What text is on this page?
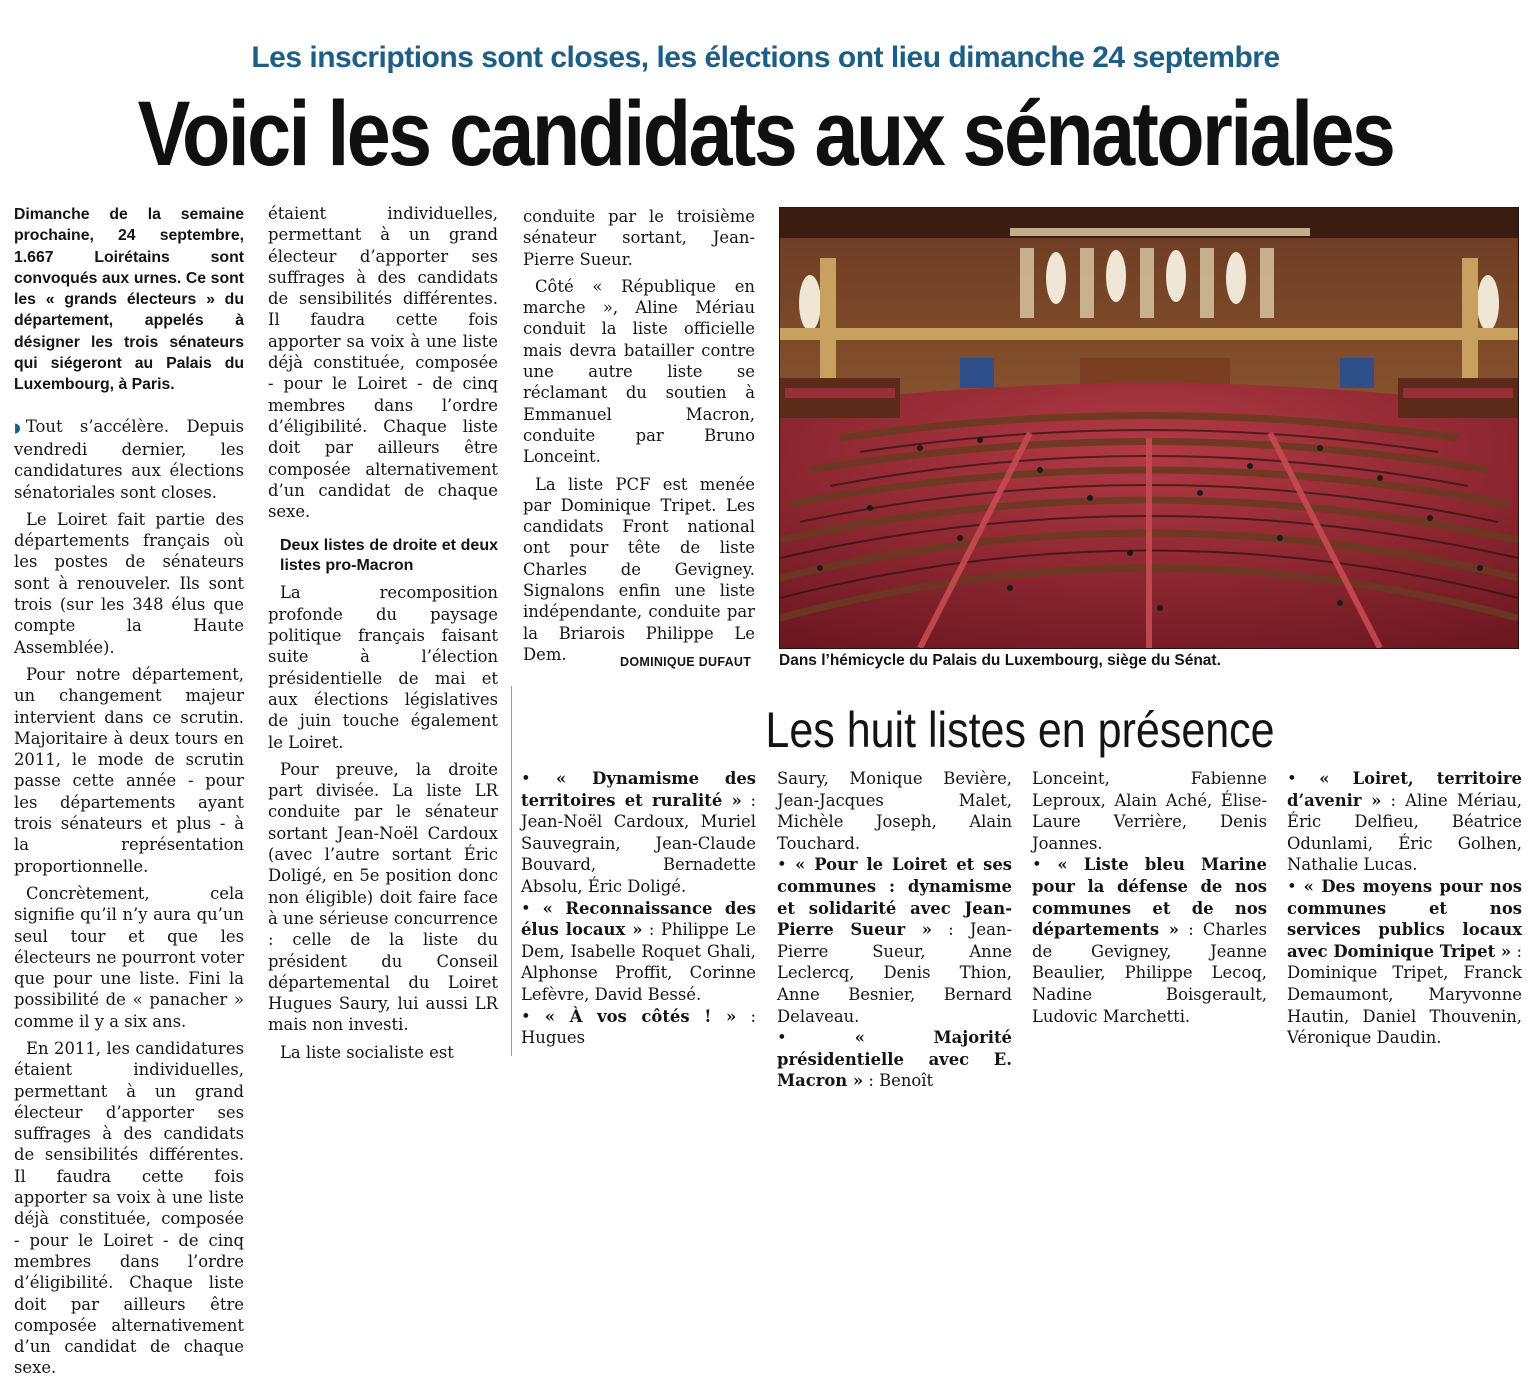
Les inscriptions sont closes, les élections ont lieu dimanche 24 septembre
Voici les candidats aux sénatoriales
Dimanche de la semaine prochaine, 24 septembre, 1.667 Loirétains sont convoqués aux urnes. Ce sont les « grands électeurs » du département, appelés à désigner les trois sénateurs qui siégeront au Palais du Luxembourg, à Paris.

◗ Tout s’accélère. Depuis vendredi dernier, les candidatures aux élections sénatoriales sont closes.

Le Loiret fait partie des départements français où les postes de sénateurs sont à renouveler. Ils sont trois (sur les 348 élus que compte la Haute Assemblée).

Pour notre département, un changement majeur intervient dans ce scrutin. Majoritaire à deux tours en 2011, le mode de scrutin passe cette année - pour les départements ayant trois sénateurs et plus - à la représentation proportionnelle.

Concrètement, cela signifie qu’il n’y aura qu’un seul tour et que les électeurs ne pourront voter que pour une liste. Fini la possibilité de « panacher » comme il y a six ans.

En 2011, les candidatures étaient individuelles, permettant à un grand électeur d’apporter ses suffrages à des candidats de sensibilités différentes. Il faudra cette fois apporter sa voix à une liste déjà constituée, composée - pour le Loiret - de cinq membres dans l’ordre d’éligibilité. Chaque liste doit par ailleurs être composée alternativement d’un candidat de chaque sexe.

étaient individuelles, permettant à un grand électeur d’apporter ses suffrages à des candidats de sensibilités différentes. Il faudra cette fois apporter sa voix à une liste déjà constituée, composée - pour le Loiret - de cinq membres dans l’ordre d’éligibilité. Chaque liste doit par ailleurs être composée alternativement d’un candidat de chaque sexe.

Deux listes de droite et deux listes pro-Macron

La recomposition profonde du paysage politique français faisant suite à l’élection présidentielle de mai et aux élections législatives de juin touche également le Loiret.

Pour preuve, la droite part divisée. La liste LR conduite par le sénateur sortant Jean-Noël Cardoux (avec l’autre sortant Éric Doligé, en 5e position donc non éligible) doit faire face à une sérieuse concurrence : celle de la liste du président du Conseil départemental du Loiret Hugues Saury, lui aussi LR mais non investi.

La liste socialiste est

conduite par le troisième sénateur sortant, Jean-Pierre Sueur.

Côté « République en marche », Aline Mériau conduit la liste officielle mais devra batailler contre une autre liste se réclamant du soutien à Emmanuel Macron, conduite par Bruno Lonceint.

La liste PCF est menée par Dominique Tripet. Les candidats Front national ont pour tête de liste Charles de Gevigney. Signalons enfin une liste indépendante, conduite par la Briarois Philippe Le Dem.	DOMINIQUE DUFAUT Dans l’hémicycle du Palais du Luxembourg, siège du Sénat.
Les huit listes en présence
• « Dynamisme des territoires et ruralité » : Jean-Noël Cardoux, Muriel Sauvegrain, Jean-Claude Bouvard, Bernadette Absolu, Éric Doligé.
• « Reconnaissance des élus locaux » : Philippe Le Dem, Isabelle Roquet Ghali, Alphonse Proffit, Corinne Lefèvre, David Bessé.
• « À vos côtés ! » : Hugues
Saury, Monique Bevière, Jean-Jacques Malet, Michèle Joseph, Alain Touchard.
• « Pour le Loiret et ses communes : dynamisme et solidarité avec Jean-Pierre Sueur » : Jean-Pierre Sueur, Anne Leclercq, Denis Thion, Anne Besnier, Bernard Delaveau.
• « Majorité présidentielle avec E. Macron » : Benoît
Lonceint, Fabienne Leproux, Alain Aché, Élise-Laure Verrière, Denis Joannes.
• « Liste bleu Marine pour la défense de nos communes et de nos départements » : Charles de Gevigney, Jeanne Beaulier, Philippe Lecoq, Nadine Boisgerault, Ludovic Marchetti.
• « Loiret, territoire d’avenir » : Aline Mériau, Éric Delfieu, Béatrice Odunlami, Éric Golhen, Nathalie Lucas.
• « Des moyens pour nos communes et nos services publics locaux avec Dominique Tripet » : Dominique Tripet, Franck Demaumont, Maryvonne Hautin, Daniel Thouvenin, Véronique Daudin.
